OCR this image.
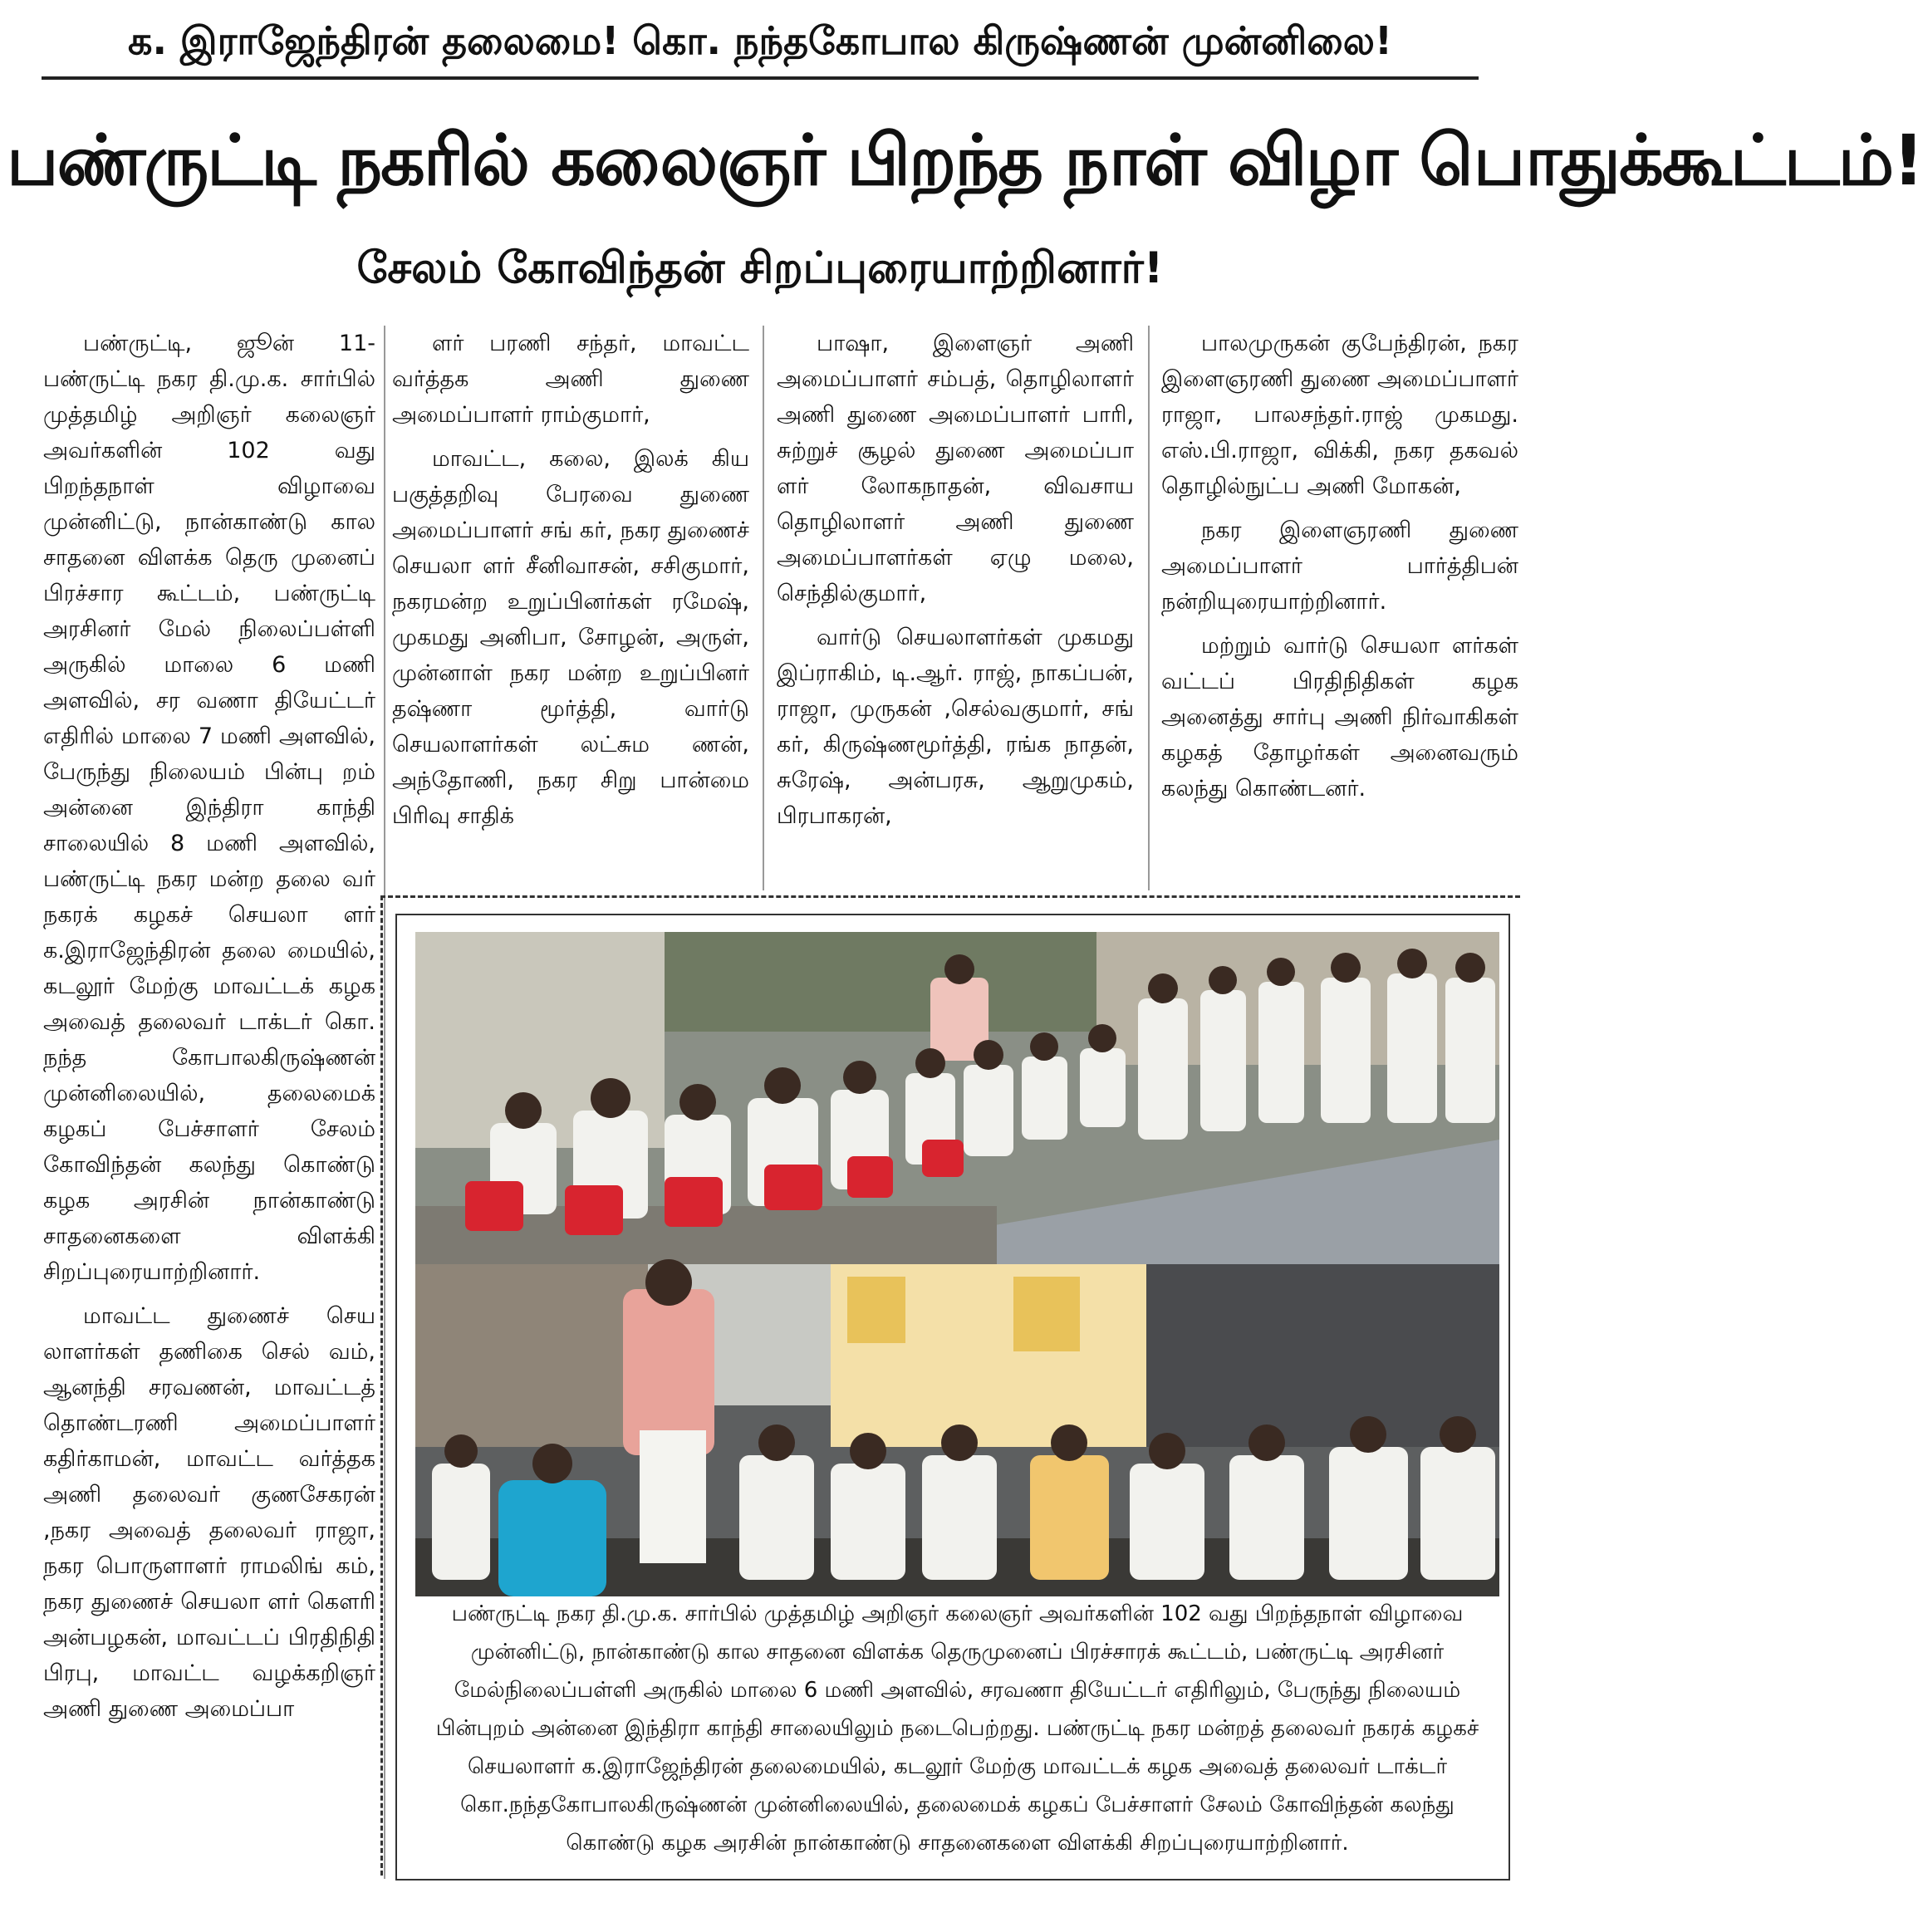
க. இராஜேந்திரன் தலைமை! கொ. நந்தகோபால கிருஷ்ணன் முன்னிலை!
பண்ருட்டி நகரில் கலைஞர் பிறந்த நாள் விழா பொதுக்கூட்டம்!
சேலம் கோவிந்தன் சிறப்புரையாற்றினார்!

பண்ருட்டி, ஜூன் 11- பண்ருட்டி நகர தி.மு.க. சார்பில் முத்தமிழ் அறிஞர் கலைஞர் அவர்களின் 102 வது பிறந்தநாள் விழாவை முன்னிட்டு, நான்காண்டு கால சாதனை விளக்க தெரு முனைப் பிரச்சார கூட்டம், பண்ருட்டி அரசினர் மேல் நிலைப்பள்ளி அருகில் மாலை 6 மணி அளவில், சர வணா தியேட்டர் எதிரில் மாலை 7 மணி அளவில், பேருந்து நிலையம் பின்பு றம் அன்னை இந்திரா காந்தி சாலையில் 8 மணி அளவில், பண்ருட்டி நகர மன்ற தலை வர் நகரக் கழகச் செயலா ளர் க.இராஜேந்திரன் தலை மையில், கடலூர் மேற்கு மாவட்டக் கழக அவைத் தலைவர் டாக்டர் கொ. நந்த கோபாலகிருஷ்ணன் முன்னிலையில், தலைமைக் கழகப் பேச்சாளர் சேலம் கோவிந்தன் கலந்து கொண்டு கழக அரசின் நான்காண்டு சாதனைகளை விளக்கி சிறப்புரையாற்றினார்.

மாவட்ட துணைச் செய லாளர்கள் தணிகை செல் வம், ஆனந்தி சரவணன், மாவட்டத் தொண்டரணி அமைப்பாளர் கதிர்காமன், மாவட்ட வர்த்தக அணி தலைவர் குணசேகரன் ,நகர அவைத் தலைவர் ராஜா, நகர பொருளாளர் ராமலிங் கம், நகர துணைச் செயலா ளர் கௌரி அன்பழகன், மாவட்டப் பிரதிநிதி பிரபு, மாவட்ட வழக்கறிஞர் அணி துணை அமைப்பா

ளர் பரணி சந்தர், மாவட்ட வர்த்தக அணி துணை அமைப்பாளர் ராம்குமார்,

மாவட்ட, கலை, இலக் கிய பகுத்தறிவு பேரவை துணை அமைப்பாளர் சங் கர், நகர துணைச் செயலா ளர் சீனிவாசன், சசிகுமார், நகரமன்ற உறுப்பினர்கள் ரமேஷ், முகமது அனிபா, சோழன், அருள், முன்னாள் நகர மன்ற உறுப்பினர் தஷ்ணா மூர்த்தி, வார்டு செயலாளர்கள் லட்சும ணன், அந்தோணி, நகர சிறு பான்மை பிரிவு சாதிக்

பாஷா, இளைஞர் அணி அமைப்பாளர் சம்பத், தொழிலாளர் அணி துணை அமைப்பாளர் பாரி, சுற்றுச் சூழல் துணை அமைப்பா ளர் லோகநாதன், விவசாய தொழிலாளர் அணி துணை அமைப்பாளர்கள் ஏழு மலை, செந்தில்குமார்,

வார்டு செயலாளர்கள் முகமது இப்ராகிம், டி.ஆர். ராஜ், நாகப்பன், ராஜா, முருகன் ,செல்வகுமார், சங் கர், கிருஷ்ணமூர்த்தி, ரங்க நாதன், சுரேஷ், அன்பரசு, ஆறுமுகம், பிரபாகரன்,

பாலமுருகன் குபேந்திரன், நகர இளைஞரணி துணை அமைப்பாளர் ராஜா, பாலசந்தர்.ராஜ் முகமது. எஸ்.பி.ராஜா, விக்கி, நகர தகவல் தொழில்நுட்ப அணி மோகன்,

நகர இளைஞரணி துணை அமைப்பாளர் பார்த்திபன் நன்றியுரையாற்றினார்.

மற்றும் வார்டு செயலா ளர்கள் வட்டப் பிரதிநிதிகள் கழக அனைத்து சார்பு அணி நிர்வாகிகள் கழகத் தோழர்கள் அனைவரும் கலந்து கொண்டனர்.

பண்ருட்டி நகர தி.மு.க. சார்பில் முத்தமிழ் அறிஞர் கலைஞர் அவர்களின் 102 வது பிறந்தநாள் விழாவை முன்னிட்டு, நான்காண்டு கால சாதனை விளக்க தெருமுனைப் பிரச்சாரக் கூட்டம், பண்ருட்டி அரசினர் மேல்நிலைப்பள்ளி அருகில் மாலை 6 மணி அளவில், சரவணா தியேட்டர் எதிரிலும், பேருந்து நிலையம் பின்புறம் அன்னை இந்திரா காந்தி சாலையிலும் நடைபெற்றது. பண்ருட்டி நகர மன்றத் தலைவர் நகரக் கழகச் செயலாளர் க.இராஜேந்திரன் தலைமையில், கடலூர் மேற்கு மாவட்டக் கழக அவைத் தலைவர் டாக்டர் கொ.நந்தகோபாலகிருஷ்ணன் முன்னிலையில், தலைமைக் கழகப் பேச்சாளர் சேலம் கோவிந்தன் கலந்து கொண்டு கழக அரசின் நான்காண்டு சாதனைகளை விளக்கி சிறப்புரையாற்றினார்.
